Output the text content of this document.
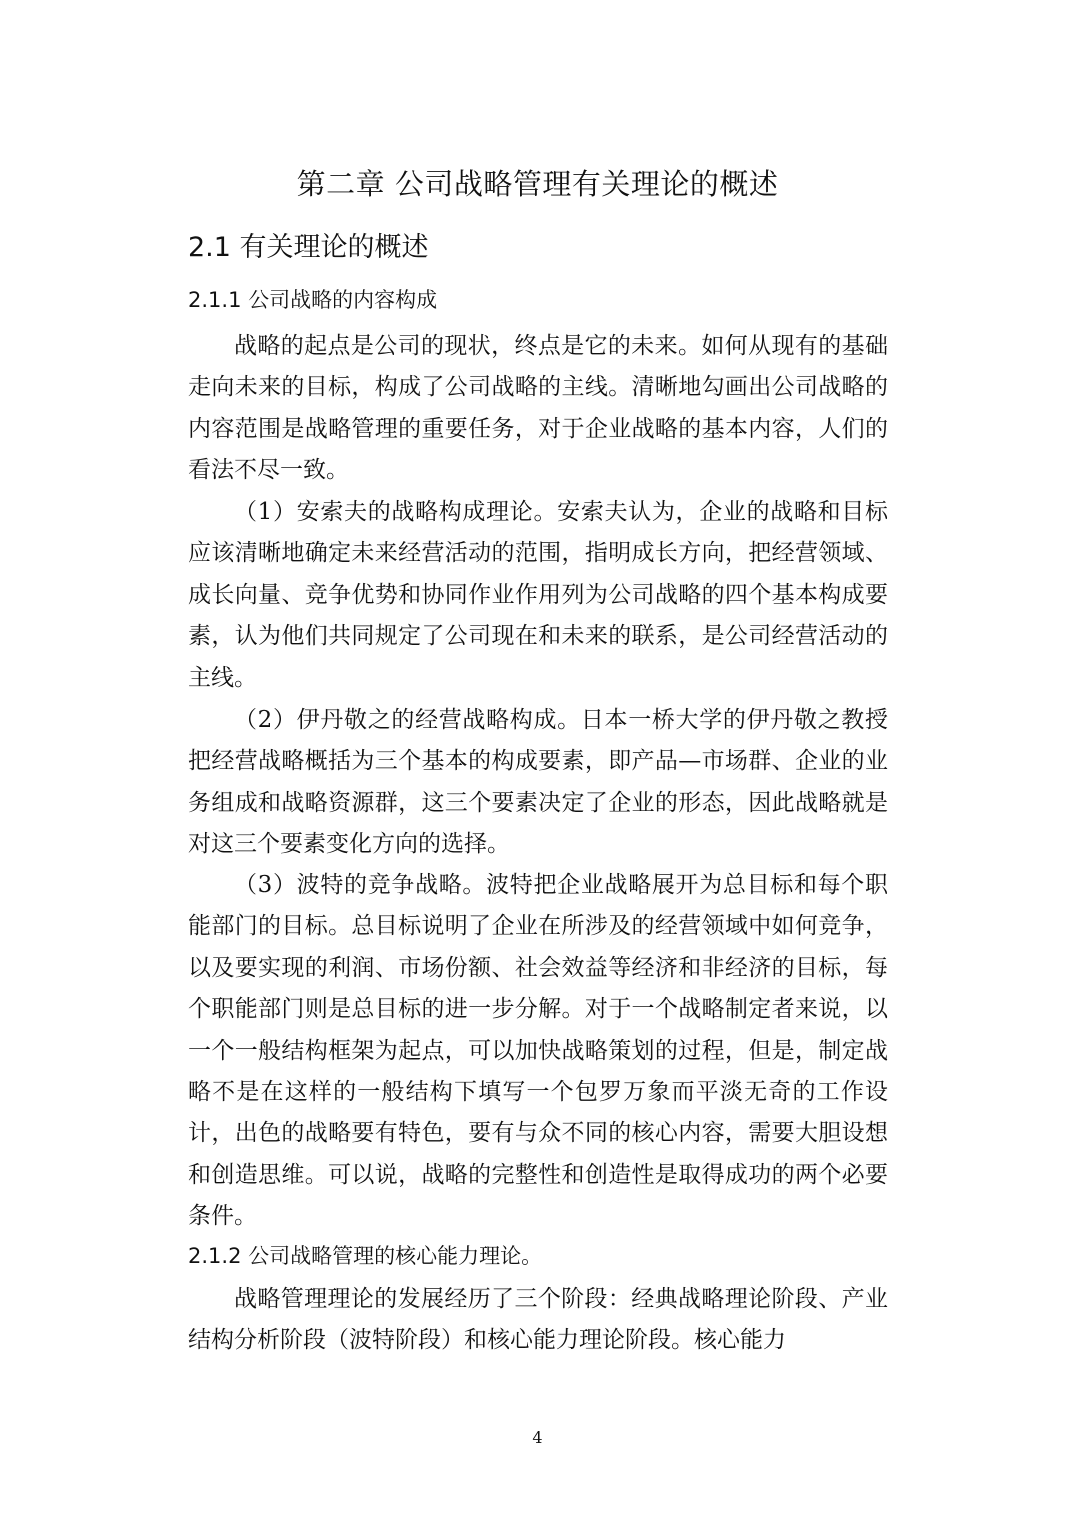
第二章 公司战略管理有关理论的概述
2.1 有关理论的概述
2.1.1 公司战略的内容构成

战略的起点是公司的现状，终点是它的未来。如何从现有的基础走向未来的目标，构成了公司战略的主线。清晰地勾画出公司战略的内容范围是战略管理的重要任务，对于企业战略的基本内容，人们的看法不尽一致。

（1）安索夫的战略构成理论。安索夫认为，企业的战略和目标应该清晰地确定未来经营活动的范围，指明成长方向，把经营领域、成长向量、竞争优势和协同作业作用列为公司战略的四个基本构成要素，认为他们共同规定了公司现在和未来的联系，是公司经营活动的主线。

（2）伊丹敬之的经营战略构成。日本一桥大学的伊丹敬之教授把经营战略概括为三个基本的构成要素，即产品—市场群、企业的业务组成和战略资源群，这三个要素决定了企业的形态，因此战略就是对这三个要素变化方向的选择。

（3）波特的竞争战略。波特把企业战略展开为总目标和每个职能部门的目标。总目标说明了企业在所涉及的经营领域中如何竞争，以及要实现的利润、市场份额、社会效益等经济和非经济的目标，每个职能部门则是总目标的进一步分解。对于一个战略制定者来说，以一个一般结构框架为起点，可以加快战略策划的过程，但是，制定战略不是在这样的一般结构下填写一个包罗万象而平淡无奇的工作设计，出色的战略要有特色，要有与众不同的核心内容，需要大胆设想和创造思维。可以说，战略的完整性和创造性是取得成功的两个必要条件。

2.1.2 公司战略管理的核心能力理论。

战略管理理论的发展经历了三个阶段：经典战略理论阶段、产业结构分析阶段（波特阶段）和核心能力理论阶段。核心能力

4
